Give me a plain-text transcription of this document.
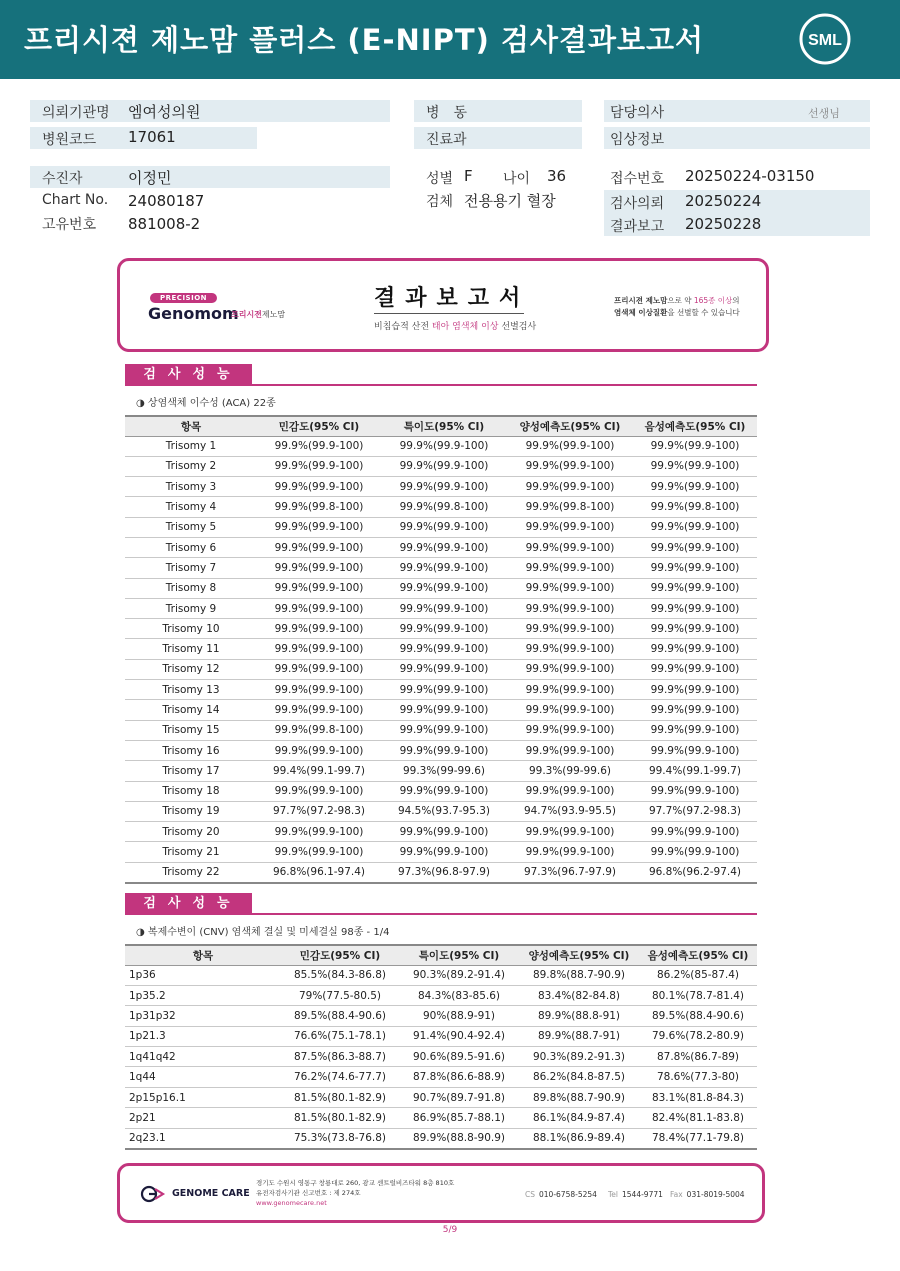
프리시젼 제노맘 플러스 (E-NIPT) 검사결과보고서	SML
의뢰기관명 엠여성의원
병원코드 17061
병　동
진료과
담당의사	선생님
임상정보
수진자	이정민
Chart No. 24080187
고유번호 881008-2
성별 F 나이 36
검체 전용용기 혈장
접수번호 20250224-03150
검사의뢰 20250224
결과보고 20250228
PRECISION
Genomom
프리시젼제노맘
결과보고서
비침습적 산전 태아 염색체 이상 선별검사
프리시젼 제노맘으로 약 165종 이상의
염색체 이상질환을 선별할 수 있습니다
검사성능
◑ 상염색체 이수성 (ACA) 22종
항목	민감도(95% CI)	특이도(95% CI)	양성예측도(95% CI)	음성예측도(95% CI)
Trisomy 1	99.9%(99.9-100)	99.9%(99.9-100)	99.9%(99.9-100)	99.9%(99.9-100)
Trisomy 2	99.9%(99.9-100)	99.9%(99.9-100)	99.9%(99.9-100)	99.9%(99.9-100)
Trisomy 3	99.9%(99.9-100)	99.9%(99.9-100)	99.9%(99.9-100)	99.9%(99.9-100)
Trisomy 4	99.9%(99.8-100)	99.9%(99.8-100)	99.9%(99.8-100)	99.9%(99.8-100)
Trisomy 5	99.9%(99.9-100)	99.9%(99.9-100)	99.9%(99.9-100)	99.9%(99.9-100)
Trisomy 6	99.9%(99.9-100)	99.9%(99.9-100)	99.9%(99.9-100)	99.9%(99.9-100)
Trisomy 7	99.9%(99.9-100)	99.9%(99.9-100)	99.9%(99.9-100)	99.9%(99.9-100)
Trisomy 8	99.9%(99.9-100)	99.9%(99.9-100)	99.9%(99.9-100)	99.9%(99.9-100)
Trisomy 9	99.9%(99.9-100)	99.9%(99.9-100)	99.9%(99.9-100)	99.9%(99.9-100)
Trisomy 10	99.9%(99.9-100)	99.9%(99.9-100)	99.9%(99.9-100)	99.9%(99.9-100)
Trisomy 11	99.9%(99.9-100)	99.9%(99.9-100)	99.9%(99.9-100)	99.9%(99.9-100)
Trisomy 12	99.9%(99.9-100)	99.9%(99.9-100)	99.9%(99.9-100)	99.9%(99.9-100)
Trisomy 13	99.9%(99.9-100)	99.9%(99.9-100)	99.9%(99.9-100)	99.9%(99.9-100)
Trisomy 14	99.9%(99.9-100)	99.9%(99.9-100)	99.9%(99.9-100)	99.9%(99.9-100)
Trisomy 15	99.9%(99.8-100)	99.9%(99.9-100)	99.9%(99.9-100)	99.9%(99.9-100)
Trisomy 16	99.9%(99.9-100)	99.9%(99.9-100)	99.9%(99.9-100)	99.9%(99.9-100)
Trisomy 17	99.4%(99.1-99.7)	99.3%(99-99.6)	99.3%(99-99.6)	99.4%(99.1-99.7)
Trisomy 18	99.9%(99.9-100)	99.9%(99.9-100)	99.9%(99.9-100)	99.9%(99.9-100)
Trisomy 19	97.7%(97.2-98.3)	94.5%(93.7-95.3)	94.7%(93.9-95.5)	97.7%(97.2-98.3)
Trisomy 20	99.9%(99.9-100)	99.9%(99.9-100)	99.9%(99.9-100)	99.9%(99.9-100)
Trisomy 21	99.9%(99.9-100)	99.9%(99.9-100)	99.9%(99.9-100)	99.9%(99.9-100)
Trisomy 22	96.8%(96.1-97.4)	97.3%(96.8-97.9)	97.3%(96.7-97.9)	96.8%(96.2-97.4)
검사성능
◑ 복제수변이 (CNV) 염색체 결실 및 미세결실 98종 - 1/4
항목	민감도(95% CI)	특이도(95% CI)	양성예측도(95% CI)	음성예측도(95% CI)
1p36	85.5%(84.3-86.8)	90.3%(89.2-91.4)	89.8%(88.7-90.9)	86.2%(85-87.4)
1p35.2	79%(77.5-80.5)	84.3%(83-85.6)	83.4%(82-84.8)	80.1%(78.7-81.4)
1p31p32	89.5%(88.4-90.6)	90%(88.9-91)	89.9%(88.8-91)	89.5%(88.4-90.6)
1p21.3	76.6%(75.1-78.1)	91.4%(90.4-92.4)	89.9%(88.7-91)	79.6%(78.2-80.9)
1q41q42	87.5%(86.3-88.7)	90.6%(89.5-91.6)	90.3%(89.2-91.3)	87.8%(86.7-89)
1q44	76.2%(74.6-77.7)	87.8%(86.6-88.9)	86.2%(84.8-87.5)	78.6%(77.3-80)
2p15p16.1	81.5%(80.1-82.9)	90.7%(89.7-91.8)	89.8%(88.7-90.9)	83.1%(81.8-84.3)
2p21	81.5%(80.1-82.9)	86.9%(85.7-88.1)	86.1%(84.9-87.4)	82.4%(81.1-83.8)
2q23.1	75.3%(73.8-76.8)	89.9%(88.8-90.9)	88.1%(86.9-89.4)	78.4%(77.1-79.8)
GENOME CARE
경기도 수원시 영통구 창룡대로 260, 광교 센트럴비즈타워 8층 810호
유전자검사기관 신고번호 : 제 274호
www.genomecare.net
CS 010-6758-5254 Tel 1544-9771 Fax 031-8019-5004
5/9
